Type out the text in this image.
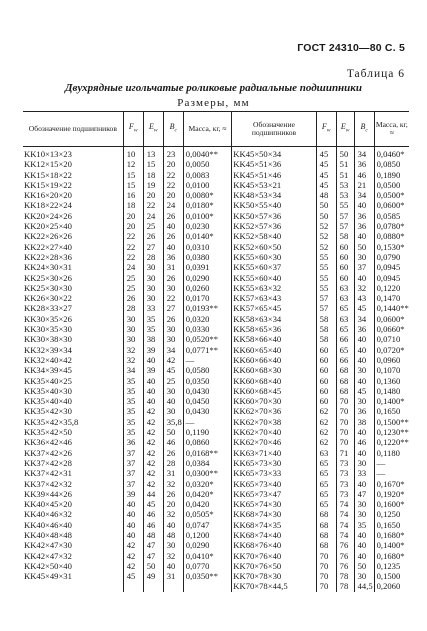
ГОСТ 24310—80 С. 5
Таблица 6
Двухрядные игольчатые роликовые радиальные подшипники
Размеры, мм
Обозначение подшипников	$F_w$	$E_w$	$B_c$	Масса, кг, ≈	Обозначение подшипников	$F_w$	$E_w$	$B_c$	Масса, кг, ≈
KK10×13×23	10	13	23	0,0040**	KK45×50×34	45	50	34	0,0460*
KK12×15×20	12	15	20	0,0050	KK45×51×36	45	51	36	0,0850
KK15×18×22	15	18	22	0,0083	KK45×51×46	45	51	46	0,1890
KK15×19×22	15	19	22	0,0100	KK45×53×21	45	53	21	0,0500
KK16×20×20	16	20	20	0,0080*	KK48×53×34	48	53	34	0,0500*
KK18×22×24	18	22	24	0,0180*	KK50×55×40	50	55	40	0,0600*
KK20×24×26	20	24	26	0,0100*	KK50×57×36	50	57	36	0,0585
KK20×25×40	20	25	40	0,0230	KK52×57×36	52	57	36	0,0780*
KK22×26×26	22	26	26	0,0140*	KK52×58×40	52	58	40	0,0880*
KK22×27×40	22	27	40	0,0310	KK52×60×50	52	60	50	0,1530*
KK22×28×36	22	28	36	0,0380	KK55×60×30	55	60	30	0,0790
KK24×30×31	24	30	31	0,0391	KK55×60×37	55	60	37	0,0945
KK25×30×26	25	30	26	0,0290	KK55×60×40	55	60	40	0,0945
KK25×30×30	25	30	30	0,0260	KK55×63×32	55	63	32	0,1220
KK26×30×22	26	30	22	0,0170	KK57×63×43	57	63	43	0,1470
KK28×33×27	28	33	27	0,0193**	KK57×65×45	57	65	45	0,1440**
KK30×35×26	30	35	26	0,0320	KK58×63×34	58	63	34	0,0600*
KK30×35×30	30	35	30	0,0330	KK58×65×36	58	65	36	0,0660*
KK30×38×30	30	38	30	0,0520**	KK58×66×40	58	66	40	0,0710
KK32×39×34	32	39	34	0,0771**	KK60×65×40	60	65	40	0,0720*
KK32×40×42	32	40	42	—	KK60×66×40	60	66	40	0,0960
KK34×39×45	34	39	45	0,0580	KK60×68×30	60	68	30	0,1070
KK35×40×25	35	40	25	0,0350	KK60×68×40	60	68	40	0,1360
KK35×40×30	35	40	30	0,0430	KK60×68×45	60	68	45	0,1480
KK35×40×40	35	40	40	0,0450	KK60×70×30	60	70	30	0,1400*
KK35×42×30	35	42	30	0,0430	KK62×70×36	62	70	36	0,1650
KK35×42×35,8	35	42	35,8	—	KK62×70×38	62	70	38	0,1500**
KK35×42×50	35	42	50	0,1190	KK62×70×40	62	70	40	0,1230**
KK36×42×46	36	42	46	0,0860	KK62×70×46	62	70	46	0,1220**
KK37×42×26	37	42	26	0,0168**	KK63×71×40	63	71	40	0,1180
KK37×42×28	37	42	28	0,0384	KK65×73×30	65	73	30	—
KK37×42×31	37	42	31	0,0300**	KK65×73×33	65	73	33	—
KK37×42×32	37	42	32	0,0320*	KK65×73×40	65	73	40	0,1670*
KK39×44×26	39	44	26	0,0420*	KK65×73×47	65	73	47	0,1920*
KK40×45×20	40	45	20	0,0420	KK65×74×30	65	74	30	0,1600*
KK40×46×32	40	46	32	0,0505*	KK68×74×30	68	74	30	0,1250
KK40×46×40	40	46	40	0,0747	KK68×74×35	68	74	35	0,1650
KK40×48×48	40	48	48	0,1200	KK68×74×40	68	74	40	0,1680*
KK42×47×30	42	47	30	0,0290	KK68×76×40	68	76	40	0,1400*
KK42×47×32	42	47	32	0,0410*	KK70×76×40	70	76	40	0,1680*
KK42×50×40	42	50	40	0,0770	KK70×76×50	70	76	50	0,1235
KK45×49×31	45	49	31	0,0350**	KK70×78×30	70	78	30	0,1500
					KK70×78×44,5	70	78	44,5	0,2060
